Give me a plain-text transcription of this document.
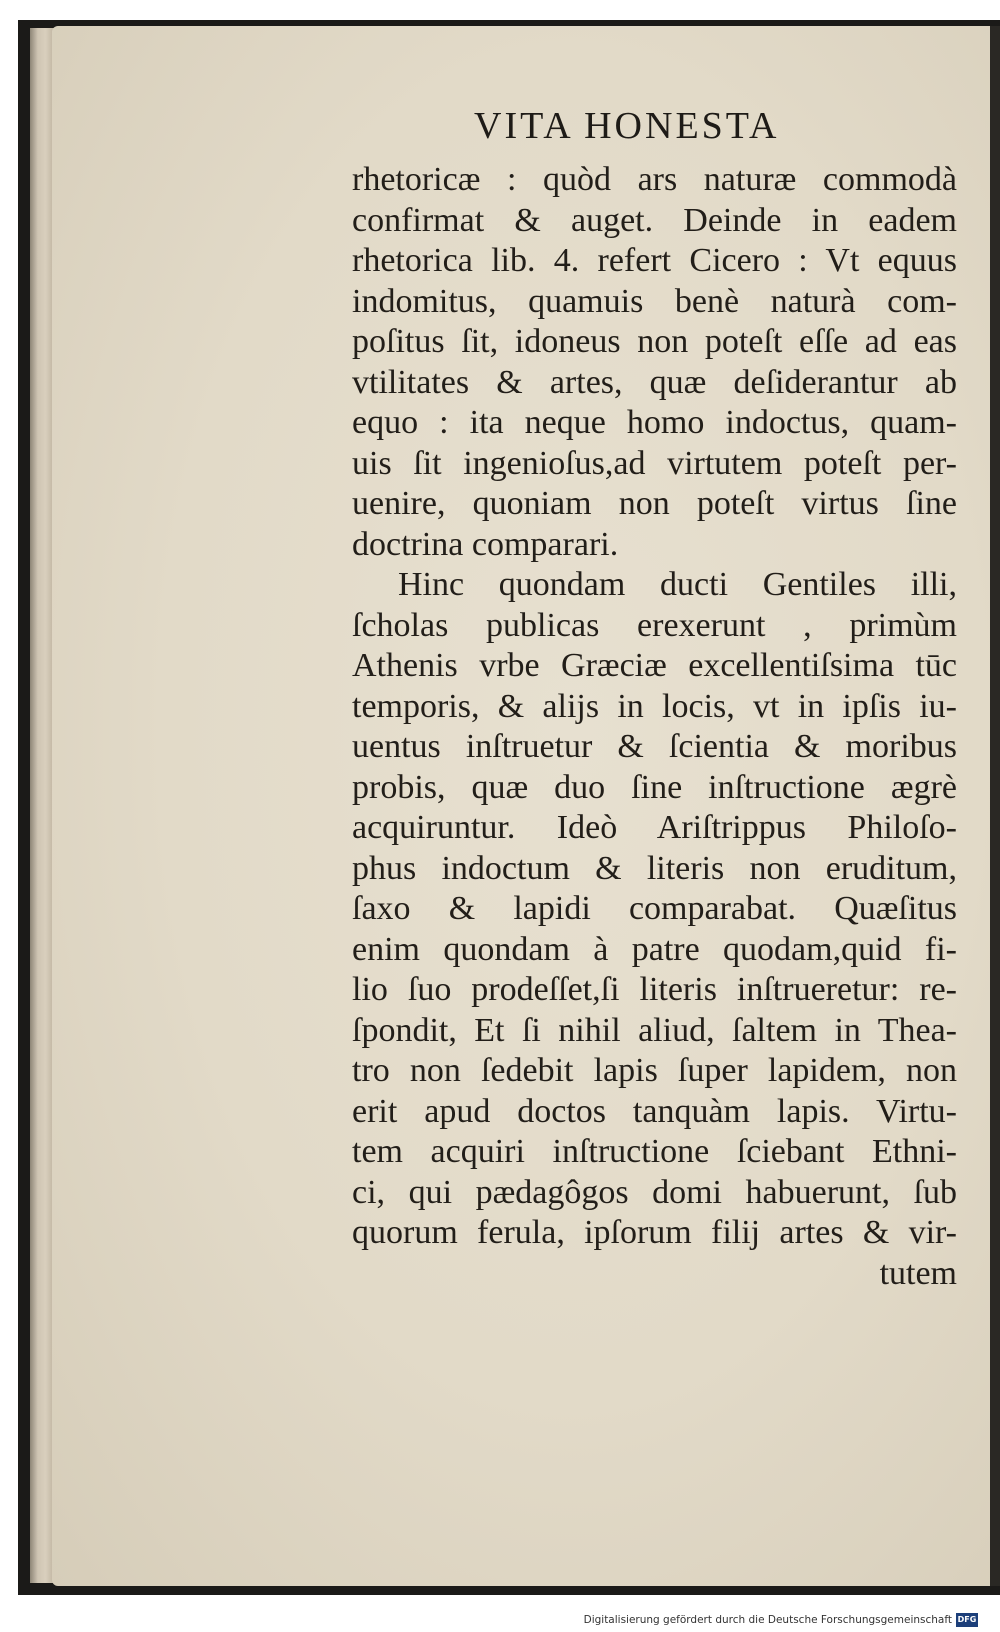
VITA HONESTA
rhetoricæ : quòd ars naturæ commodà
confirmat & auget. Deinde in eadem
rhetorica lib. 4. refert Cicero : Vt equus
indomitus, quamuis benè naturà com-
poſitus ſit, idoneus non poteſt eſſe ad eas
vtilitates & artes, quæ deſiderantur ab
equo : ita neque homo indoctus, quam-
uis ſit ingenioſus,ad virtutem poteſt per-
uenire, quoniam non poteſt virtus ſine
doctrina comparari.
Hinc quondam ducti Gentiles illi,
ſcholas publicas erexerunt , primùm
Athenis vrbe Græciæ excellentiſsima tūc
temporis, & alijs in locis, vt in ipſis iu-
uentus inſtruetur & ſcientia & moribus
probis, quæ duo ſine inſtructione ægrè
acquiruntur. Ideò Ariſtrippus Philoſo-
phus indoctum & literis non eruditum,
ſaxo & lapidi comparabat. Quæſitus
enim quondam à patre quodam,quid fi-
lio ſuo prodeſſet,ſi literis inſtrueretur: re-
ſpondit, Et ſi nihil aliud, ſaltem in Thea-
tro non ſedebit lapis ſuper lapidem, non
erit apud doctos tanquàm lapis. Virtu-
tem acquiri inſtructione ſciebant Ethni-
ci, qui pædagôgos domi habuerunt, ſub
quorum ferula, ipſorum filij artes & vir-
tutem
Digitalisierung gefördert durch die Deutsche Forschungsgemeinschaft DFG
